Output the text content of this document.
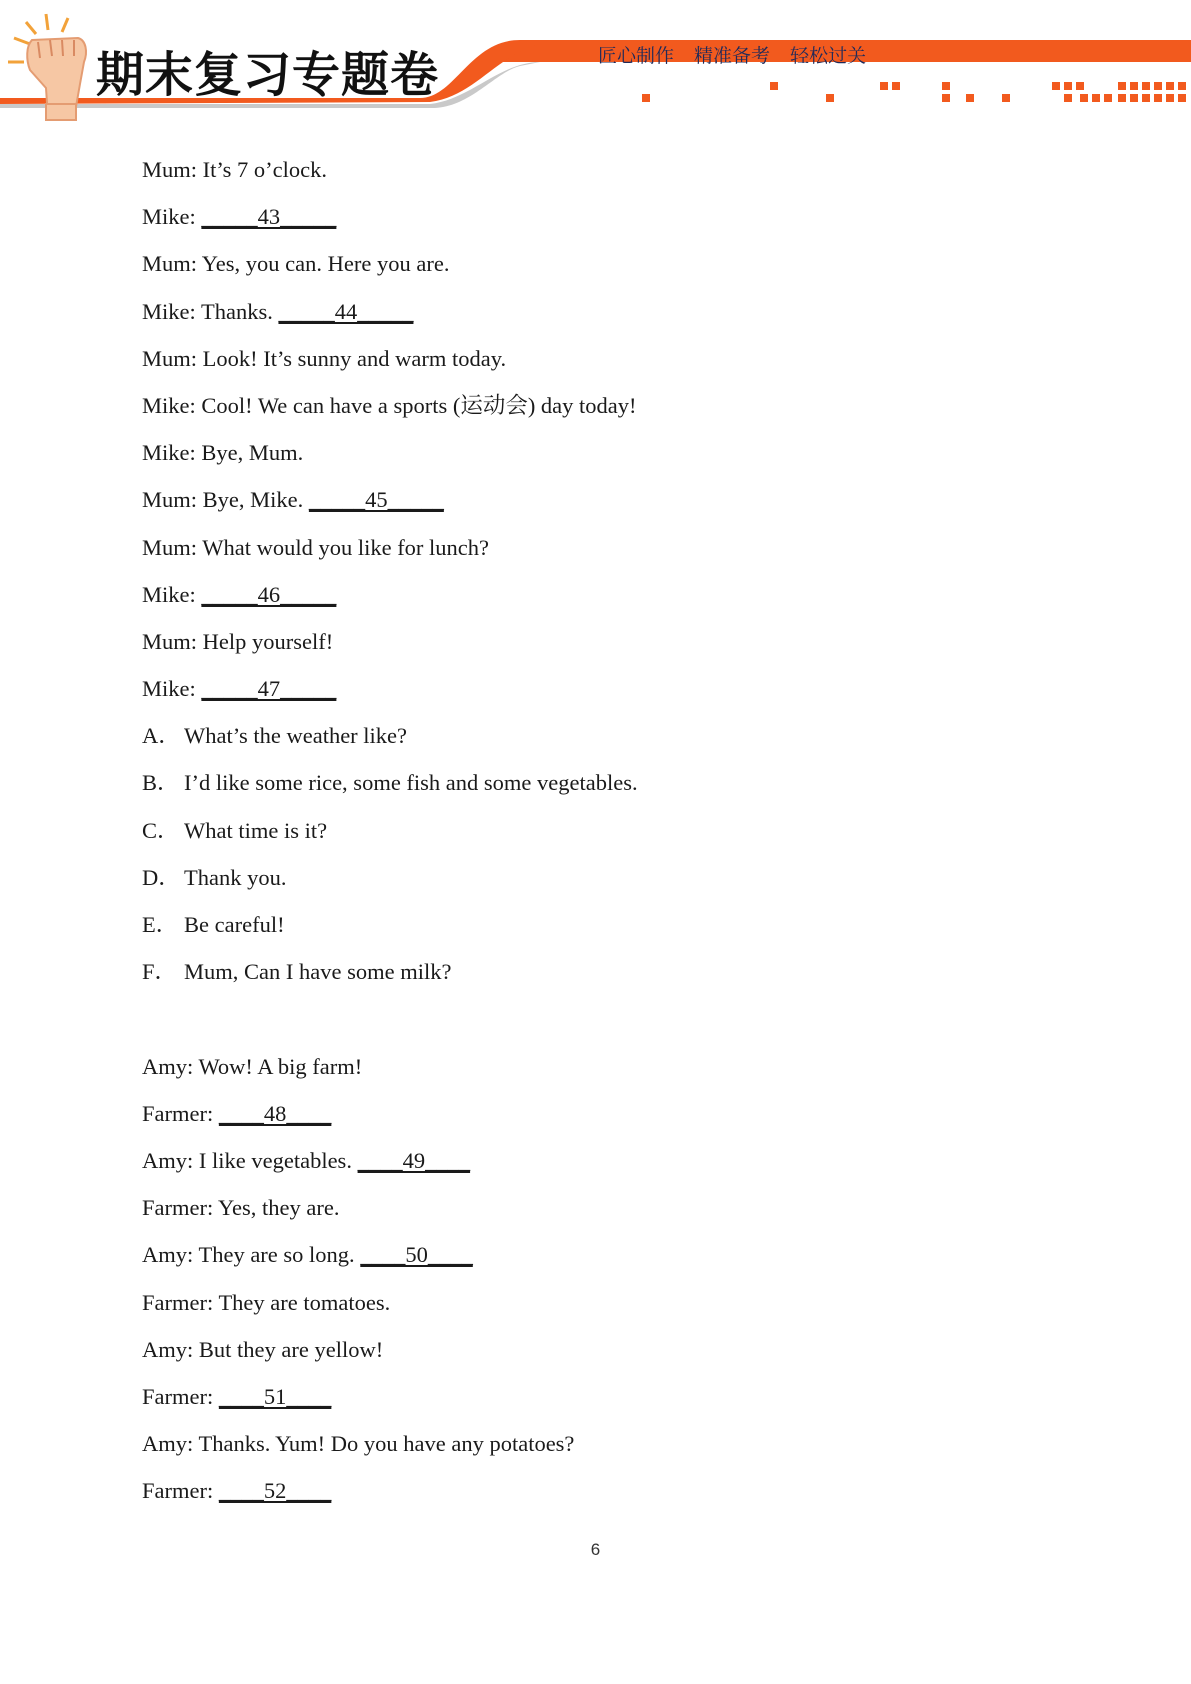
期末复习专题卷	匠心制作 精准备考 轻松过关
Mum: It’s 7 o’clock.
Mike: _____43_____
Mum: Yes, you can. Here you are.
Mike: Thanks. _____44_____
Mum: Look! It’s sunny and warm today.
Mike: Cool! We can have a sports (运动会) day today!
Mike: Bye, Mum.
Mum: Bye, Mike. _____45_____
Mum: What would you like for lunch?
Mike: _____46_____
Mum: Help yourself!
Mike: _____47_____
A． What’s the weather like?
B． I’d like some rice, some fish and some vegetables.
C． What time is it?
D． Thank you.
E． Be careful!
F． Mum, Can I have some milk?
Amy: Wow! A big farm!
Farmer: ____48____
Amy: I like vegetables. ____49____
Farmer: Yes, they are.
Amy: They are so long. ____50____
Farmer: They are tomatoes.
Amy: But they are yellow!
Farmer: ____51____
Amy: Thanks. Yum! Do you have any potatoes?
Farmer: ____52____
6
